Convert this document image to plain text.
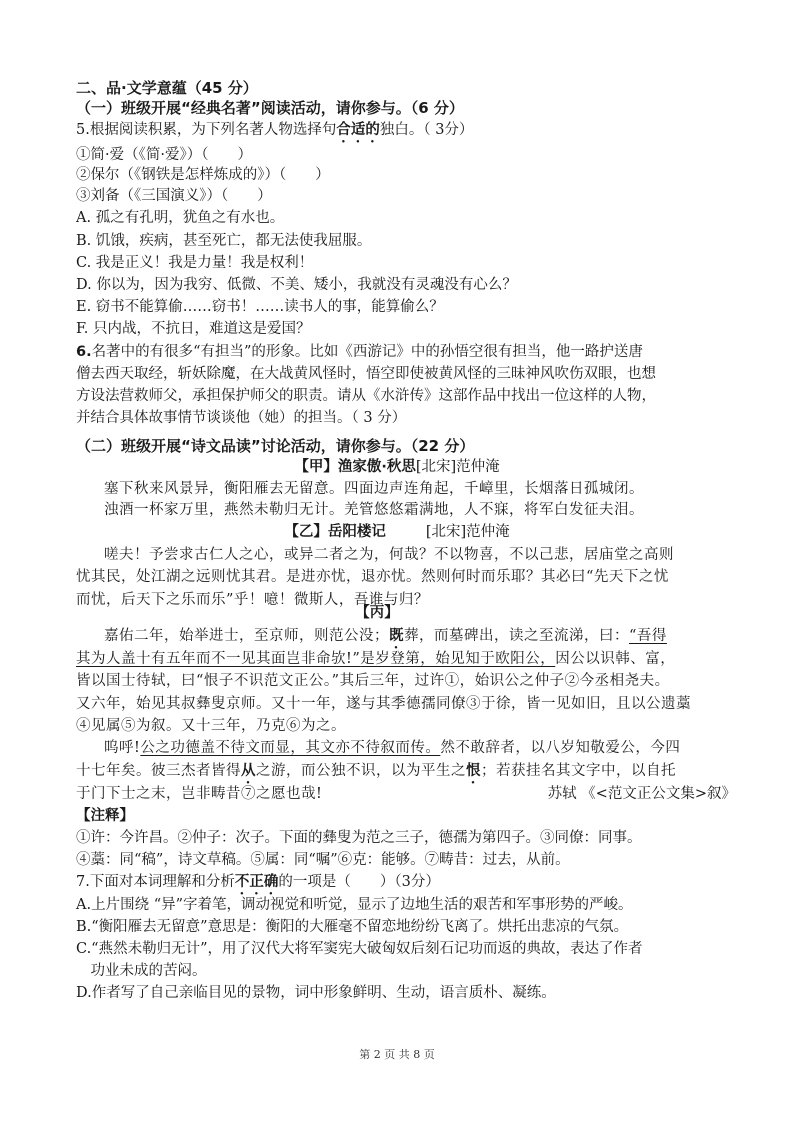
二、品·文学意蕴（45 分）
（一）班级开展“经典名著”阅读活动，请你参与。（6 分）
5.根据阅读积累，为下列名著人物选择句合适的独白。（ 3分）
①简·爱（《简·爱》）（　　）
②保尔（《钢铁是怎样炼成的》）（　　）
③刘备（《三国演义》）（　　）
A. 孤之有孔明，犹鱼之有水也。
B. 饥饿，疾病，甚至死亡，都无法使我屈服。
C. 我是正义！我是力量！我是权利！
D. 你以为，因为我穷、低微、不美、矮小，我就没有灵魂没有心么？
E. 窃书不能算偷……窃书！……读书人的事，能算偷么？
F. 只内战，不抗日，难道这是爱国？
6.名著中的有很多“有担当”的形象。比如《西游记》中的孙悟空很有担当，他一路护送唐
僧去西天取经，斩妖除魔，在大战黄风怪时，悟空即使被黄风怪的三昧神风吹伤双眼，也想
方设法营救师父，承担保护师父的职责。请从《水浒传》这部作品中找出一位这样的人物，
并结合具体故事情节谈谈他（她）的担当。（ 3 分）
（二）班级开展“诗文品读”讨论活动，请你参与。（22 分）
【甲】渔家傲·秋思[北宋]范仲淹
塞下秋来风景异，衡阳雁去无留意。四面边声连角起，千嶂里，长烟落日孤城闭。
浊酒一杯家万里，燕然未勒归无计。羌管悠悠霜满地，人不寐，将军白发征夫泪。
【乙】岳阳楼记	[北宋]范仲淹
嗟夫！予尝求古仁人之心，或异二者之为，何哉？不以物喜，不以己悲，居庙堂之高则
忧其民，处江湖之远则忧其君。是进亦忧，退亦忧。然则何时而乐耶？其必曰“先天下之忧
而忧，后天下之乐而乐”乎！噫！微斯人，吾谁与归？
【丙】
嘉佑二年，始举进士，至京师，则范公没；既葬，而墓碑出，读之至流涕，曰：“吾得
其为人盖十有五年而不一见其面岂非命欤!”是岁登第，始见知于欧阳公，因公以识韩、富，
皆以国士待轼，曰“恨子不识范文正公。”其后三年，过许①，始识公之仲子②今丞相尧夫。
又六年，始见其叔彝叟京师。又十一年，遂与其季德孺同僚③于徐，皆一见如旧，且以公遗藁
④见属⑤为叙。又十三年，乃克⑥为之。
呜呼!公之功德盖不待文而显，其文亦不待叙而传。然不敢辞者，以八岁知敬爱公，今四
十七年矣。彼三杰者皆得从之游，而公独不识，以为平生之恨；若获挂名其文字中，以自托
于门下士之末，岂非畴昔⑦之愿也哉!	苏轼 《<范文正公文集>叙》
【注释】
①许：今许昌。②仲子：次子。下面的彝叟为范之三子，德孺为第四子。③同僚：同事。
④藁：同“稿”，诗文草稿。⑤属：同“嘱”⑥克：能够。⑦畴昔：过去，从前。
7.下面对本词理解和分析不正确的一项是（　　）（3分）
A.上片围绕 “异”字着笔，调动视觉和听觉，显示了边地生活的艰苦和军事形势的严峻。
B.“衡阳雁去无留意”意思是：衡阳的大雁毫不留恋地纷纷飞离了。烘托出悲凉的气氛。
C.“燕然未勒归无计”，用了汉代大将军窦宪大破匈奴后刻石记功而返的典故，表达了作者
　功业未成的苦闷。
D.作者写了自己亲临目见的景物，词中形象鲜明、生动，语言质朴、凝练。
第 2 页 共 8 页
